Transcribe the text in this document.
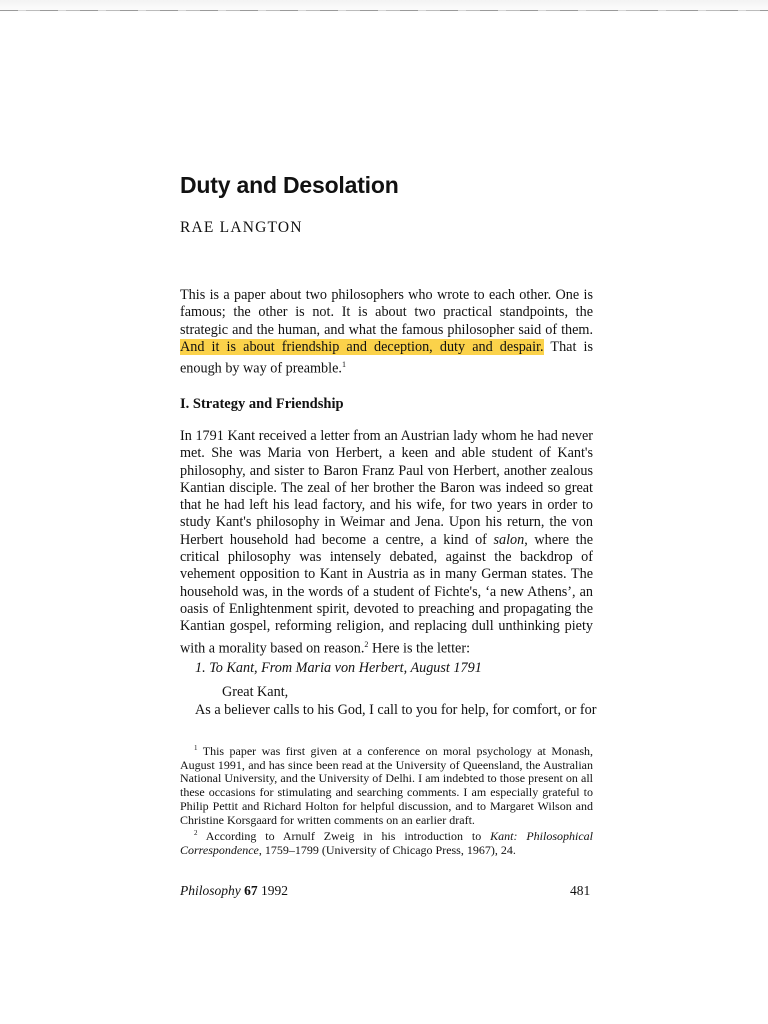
Duty and Desolation
RAE LANGTON

This is a paper about two philosophers who wrote to each other. One is famous; the other is not. It is about two practical standpoints, the strategic and the human, and what the famous philosopher said of them. And it is about friendship and deception, duty and despair. That is enough by way of preamble.$^1$

I. Strategy and Friendship

In 1791 Kant received a letter from an Austrian lady whom he had never met. She was Maria von Herbert, a keen and able student of Kant's philosophy, and sister to Baron Franz Paul von Herbert, another zealous Kantian disciple. The zeal of her brother the Baron was indeed so great that he had left his lead factory, and his wife, for two years in order to study Kant's philosophy in Weimar and Jena. Upon his return, the von Herbert household had become a centre, a kind of salon, where the critical philosophy was intensely debated, against the backdrop of vehement opposition to Kant in Austria as in many German states. The household was, in the words of a student of Fichte's, ‘a new Athens’, an oasis of Enlightenment spirit, devoted to preaching and propagating the Kantian gospel, reforming religion, and replacing dull unthinking piety with a morality based on reason.$^2$ Here is the letter:

1. To Kant, From Maria von Herbert, August 1791
Great Kant,
As a believer calls to his God, I call to you for help, for comfort, or for

$^1$ This paper was first given at a conference on moral psychology at Monash, August 1991, and has since been read at the University of Queensland, the Australian National University, and the University of Delhi. I am indebted to those present on all these occasions for stimulating and searching comments. I am especially grateful to Philip Pettit and Richard Holton for helpful discussion, and to Margaret Wilson and Christine Korsgaard for written comments on an earlier draft.

$^2$ According to Arnulf Zweig in his introduction to Kant: Philosophical Correspondence, 1759–1799 (University of Chicago Press, 1967), 24.

Philosophy 67 1992	481
